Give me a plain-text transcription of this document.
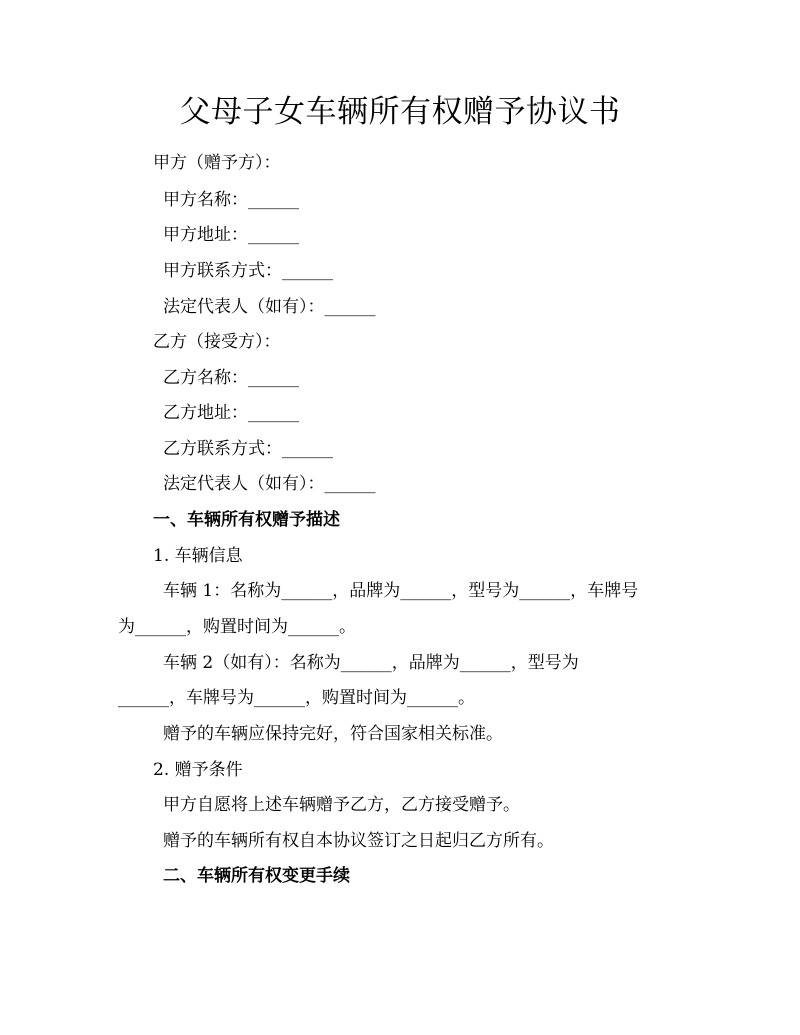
父母子女车辆所有权赠予协议书
甲方（赠予方）：
甲方名称：______
甲方地址：______
甲方联系方式：______
法定代表人（如有）：______
乙方（接受方）：
乙方名称：______
乙方地址：______
乙方联系方式：______
法定代表人（如有）：______
一、车辆所有权赠予描述
1. 车辆信息
车辆 1：名称为______，品牌为______，型号为______，车牌号
为______，购置时间为______。
车辆 2（如有）：名称为______，品牌为______，型号为
______，车牌号为______，购置时间为______。
赠予的车辆应保持完好，符合国家相关标准。
2. 赠予条件
甲方自愿将上述车辆赠予乙方，乙方接受赠予。
赠予的车辆所有权自本协议签订之日起归乙方所有。
二、车辆所有权变更手续
